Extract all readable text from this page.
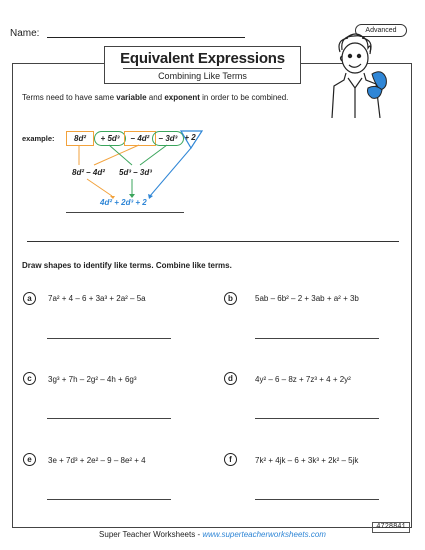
Name:	Advanced
Equivalent Expressions
Combining Like Terms
Terms need to have same variable and exponent in order to be combined.
example:	8d²	+ 5d³	– 4d²	– 3d³ + 2
8d² – 4d² 5d³ – 3d³
4d² + 2d³ + 2
Draw shapes to identify like terms. Combine like terms.
a	7a² + 4 – 6 + 3a³ + 2a² – 5a	b	5ab – 6b² – 2 + 3ab + a² + 3b
c	3g³ + 7h – 2g² – 4h + 6g³	d	4y² – 6 – 8z + 7z³ + 4 + 2y²
e	3e + 7d³ + 2e² – 9 – 8e² + 4	f	7k² + 4jk – 6 + 3k³ + 2k² – 5jk
Super Teacher Worksheets - www.superteacherworksheets.com
4728841
